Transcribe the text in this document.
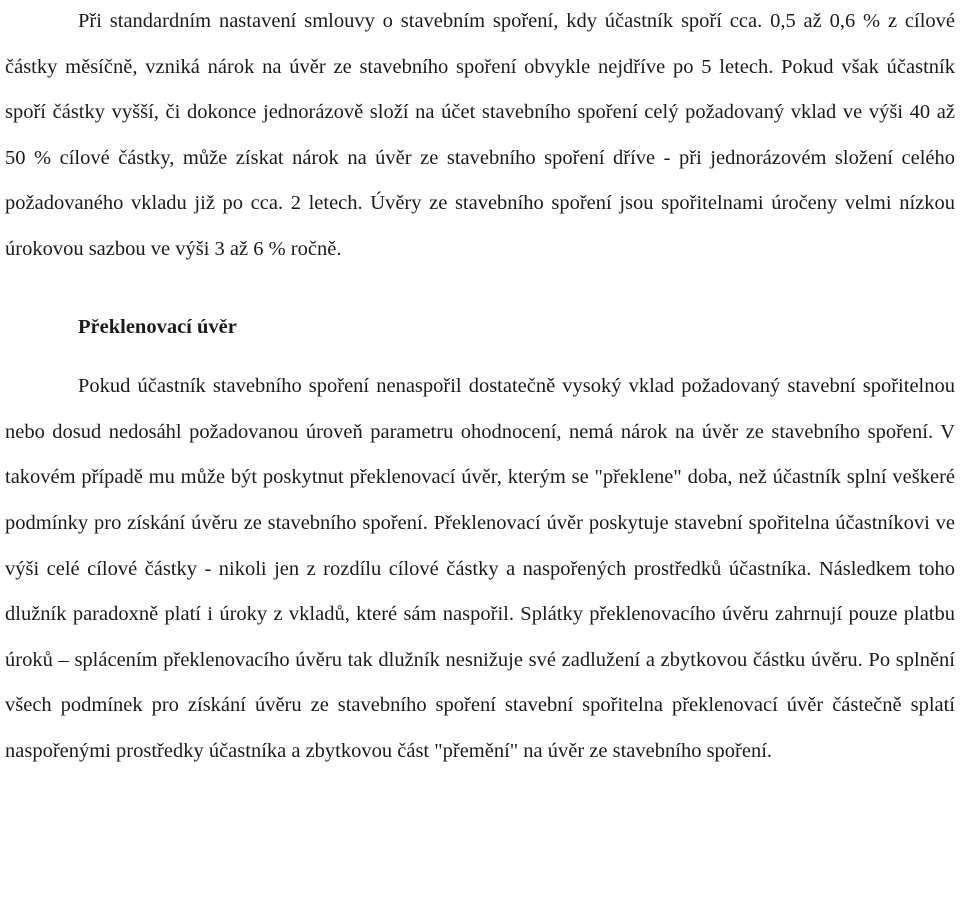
Při standardním nastavení smlouvy o stavebním spoření, kdy účastník spoří cca. 0,5 až 0,6 % z cílové částky měsíčně, vzniká nárok na úvěr ze stavebního spoření obvykle nejdříve po 5 letech. Pokud však účastník spoří částky vyšší, či dokonce jednorázově složí na účet stavebního spoření celý požadovaný vklad ve výši 40 až 50 % cílové částky, může získat nárok na úvěr ze stavebního spoření dříve - při jednorázovém složení celého požadovaného vkladu již po cca. 2 letech. Úvěry ze stavebního spoření jsou spořitelnami úročeny velmi nízkou úrokovou sazbou ve výši 3 až 6 % ročně.

Překlenovací úvěr

Pokud účastník stavebního spoření nenaspořil dostatečně vysoký vklad požadovaný stavební spořitelnou nebo dosud nedosáhl požadovanou úroveň parametru ohodnocení, nemá nárok na úvěr ze stavebního spoření. V takovém případě mu může být poskytnut překlenovací úvěr, kterým se "překlene" doba, než účastník splní veškeré podmínky pro získání úvěru ze stavebního spoření. Překlenovací úvěr poskytuje stavební spořitelna účastníkovi ve výši celé cílové částky - nikoli jen z rozdílu cílové částky a naspořených prostředků účastníka. Následkem toho dlužník paradoxně platí i úroky z vkladů, které sám naspořil. Splátky překlenovacího úvěru zahrnují pouze platbu úroků – splácením překlenovacího úvěru tak dlužník nesnižuje své zadlužení a zbytkovou částku úvěru. Po splnění všech podmínek pro získání úvěru ze stavebního spoření stavební spořitelna překlenovací úvěr částečně splatí naspořenými prostředky účastníka a zbytkovou část "přemění" na úvěr ze stavebního spoření.
